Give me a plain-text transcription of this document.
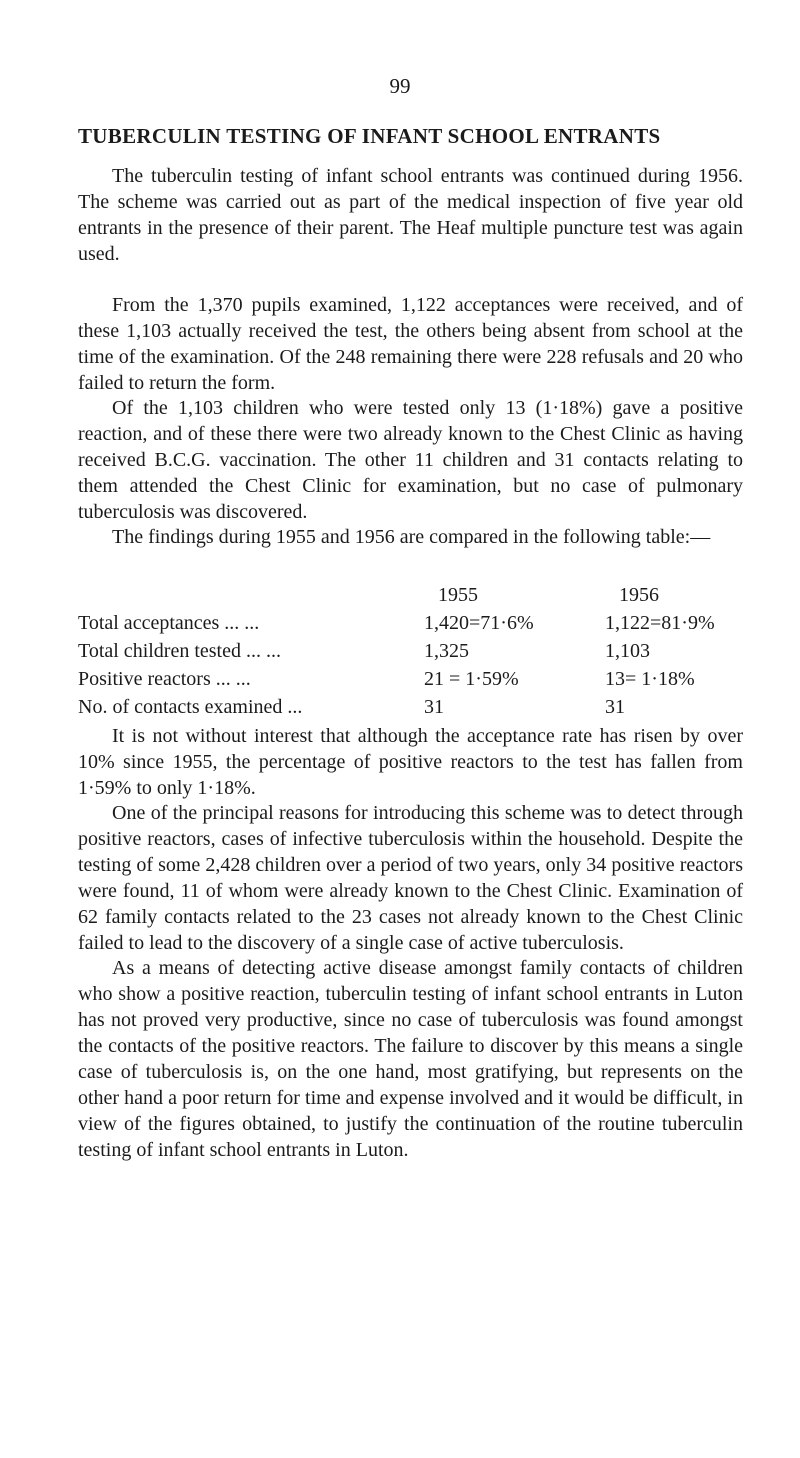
99
TUBERCULIN TESTING OF INFANT SCHOOL ENTRANTS

The tuberculin testing of infant school entrants was continued during 1956. The scheme was carried out as part of the medical inspection of five year old entrants in the presence of their parent. The Heaf multiple puncture test was again used.

From the 1,370 pupils examined, 1,122 acceptances were received, and of these 1,103 actually received the test, the others being absent from school at the time of the examination. Of the 248 remaining there were 228 refusals and 20 who failed to return the form.

Of the 1,103 children who were tested only 13 (1·18%) gave a positive reaction, and of these there were two already known to the Chest Clinic as having received B.C.G. vaccination. The other 11 children and 31 contacts relating to them attended the Chest Clinic for examination, but no case of pulmonary tuberculosis was discovered.

The findings during 1955 and 1956 are compared in the following table:—

	1955	1956
Total acceptances ... ...	1,420=71·6%	1,122=81·9%
Total children tested ... ...	1,325	1,103
Positive reactors ... ...	21 = 1·59%	13= 1·18%
No. of contacts examined ...	31	31

It is not without interest that although the acceptance rate has risen by over 10% since 1955, the percentage of positive reactors to the test has fallen from 1·59% to only 1·18%.

One of the principal reasons for introducing this scheme was to detect through positive reactors, cases of infective tuberculosis within the household. Despite the testing of some 2,428 children over a period of two years, only 34 positive reactors were found, 11 of whom were already known to the Chest Clinic. Examination of 62 family contacts related to the 23 cases not already known to the Chest Clinic failed to lead to the discovery of a single case of active tuberculosis.

As a means of detecting active disease amongst family contacts of children who show a positive reaction, tuberculin testing of infant school entrants in Luton has not proved very productive, since no case of tuberculosis was found amongst the contacts of the positive reactors. The failure to discover by this means a single case of tuberculosis is, on the one hand, most gratifying, but represents on the other hand a poor return for time and expense involved and it would be difficult, in view of the figures obtained, to justify the continuation of the routine tuberculin testing of infant school entrants in Luton.
